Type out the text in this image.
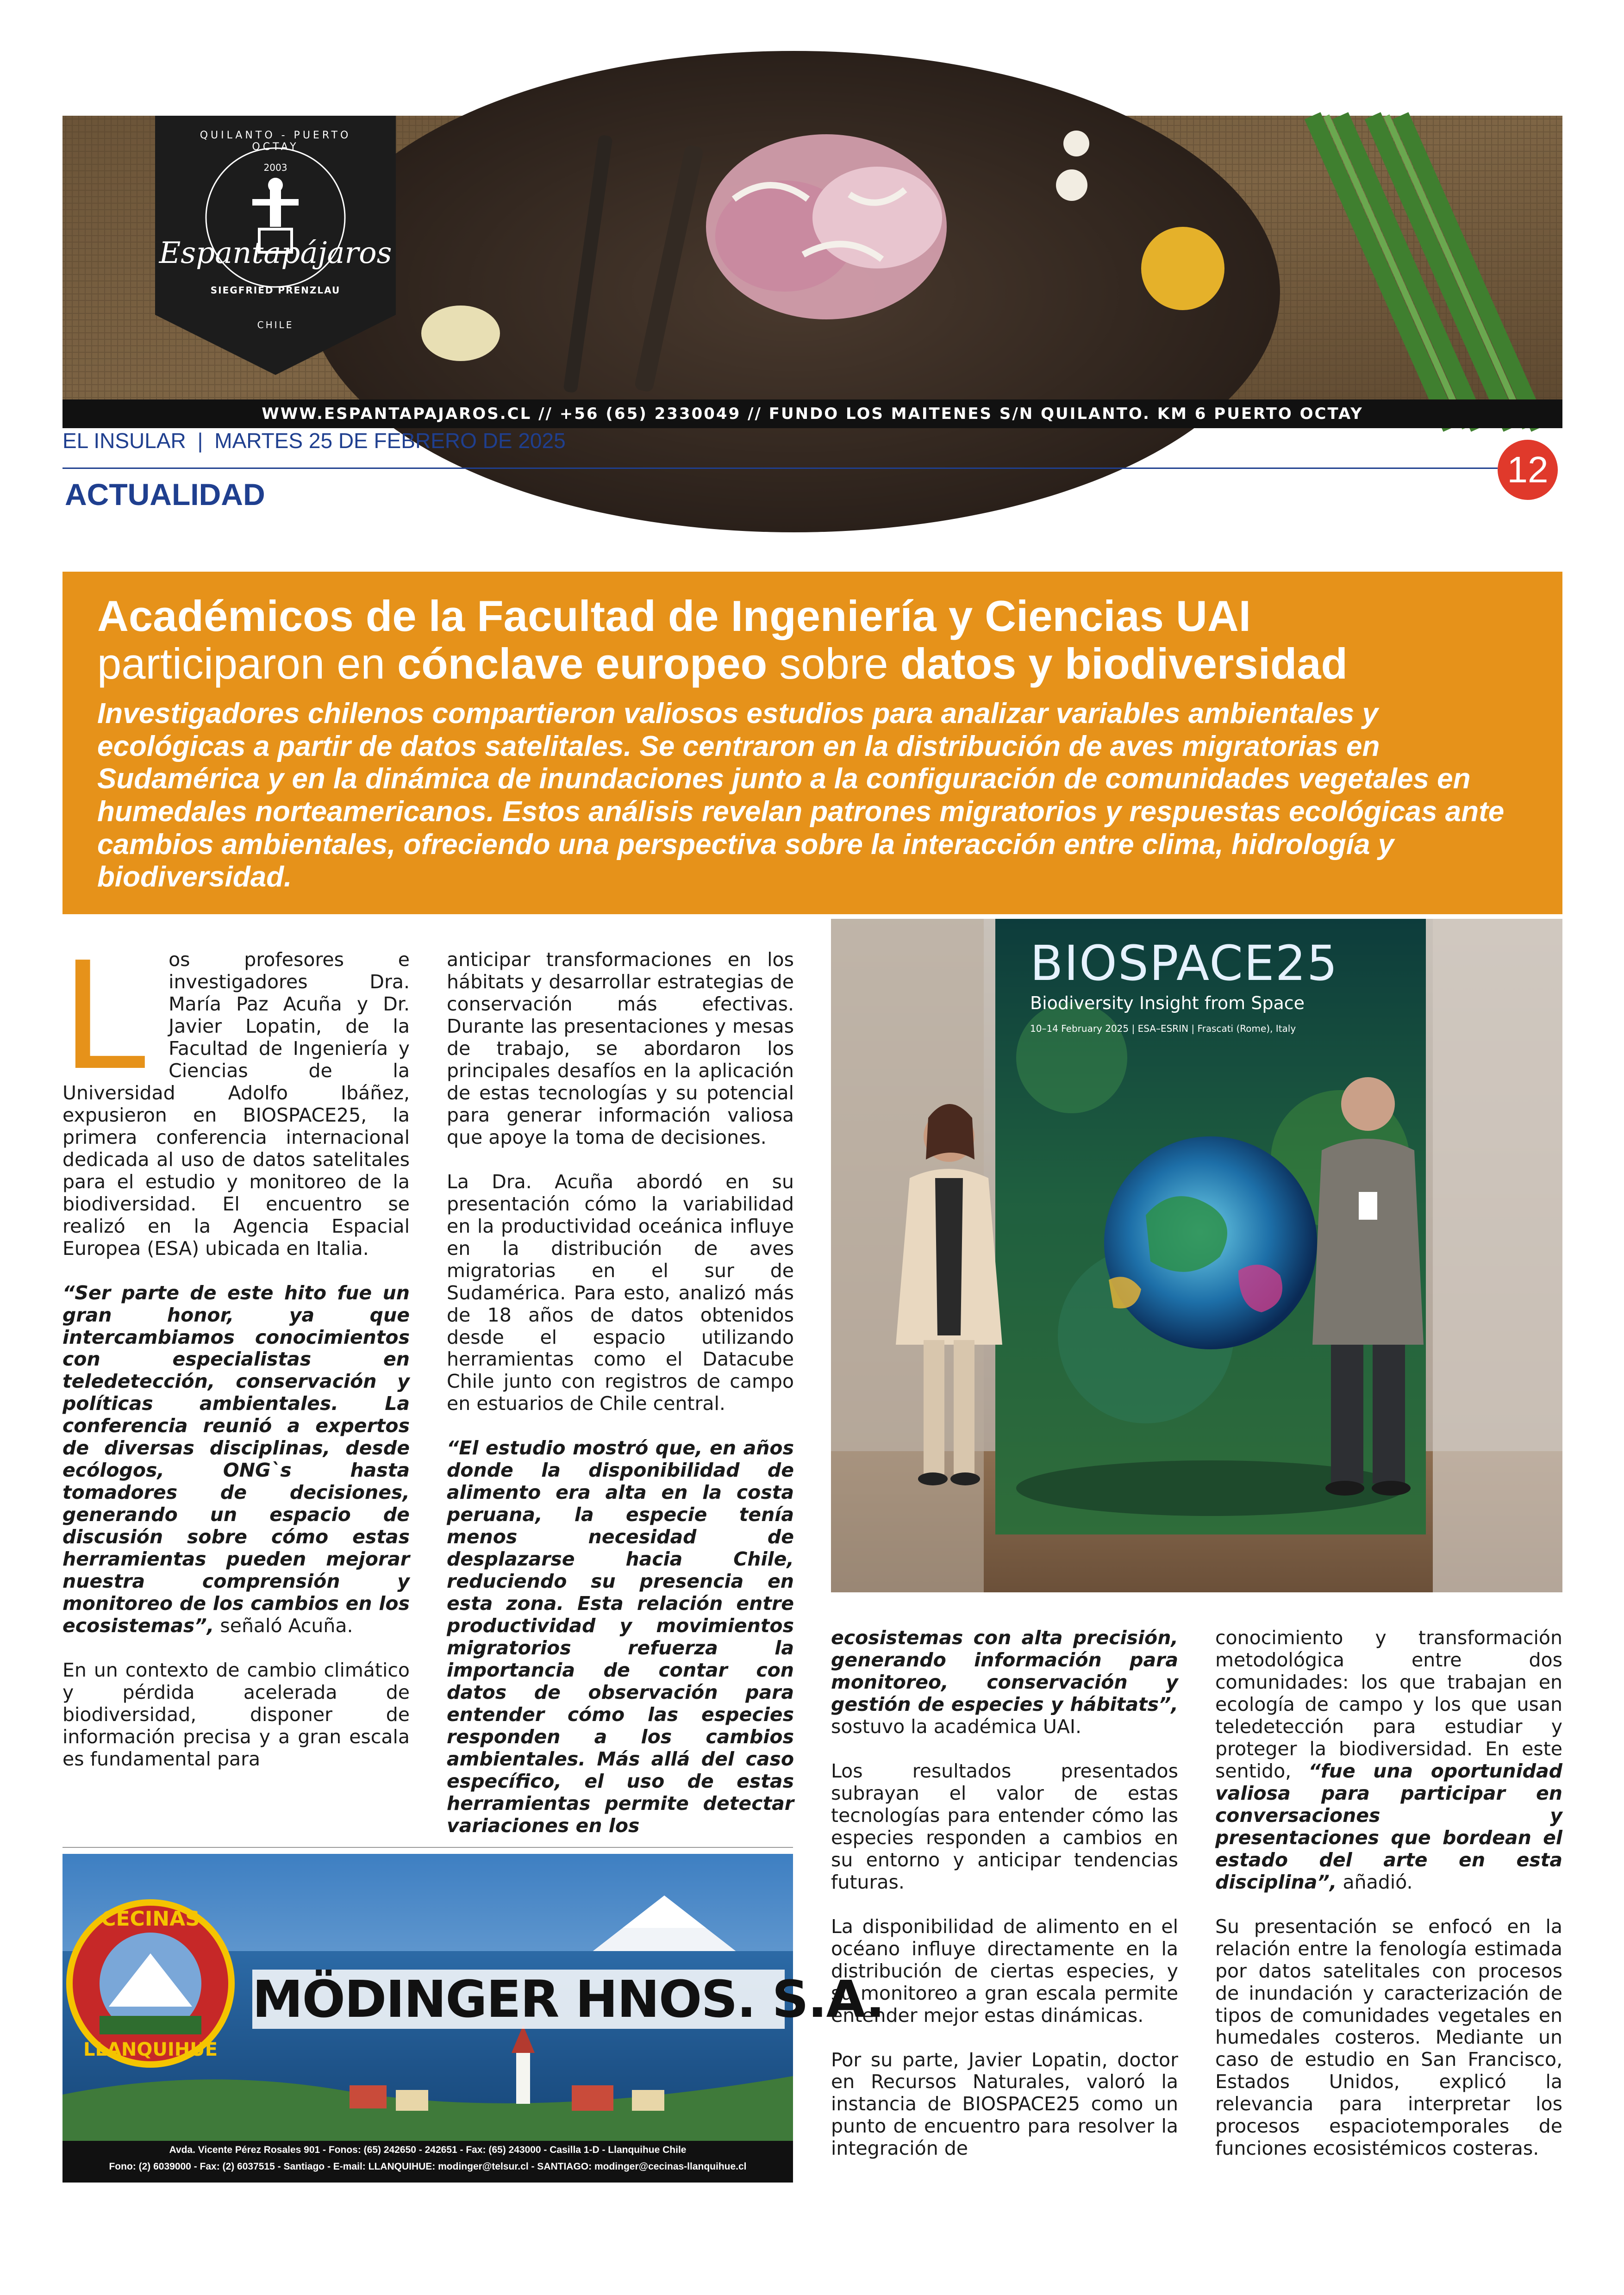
QUILANTO - PUERTO OCTAY
2003
Espantapájaros
SIEGFRIED PRENZLAU
CHILE
WWW.ESPANTAPAJAROS.CL // +56 (65) 2330049 // FUNDO LOS MAITENES S/N QUILANTO. KM 6 PUERTO OCTAY
EL INSULAR | MARTES 25 DE FEBRERO DE 2025
12
ACTUALIDAD
Académicos de la Facultad de Ingeniería y Ciencias UAI
participaron en cónclave europeo sobre datos y biodiversidad
Investigadores chilenos compartieron valiosos estudios para analizar variables ambientales y ecológicas a partir de datos satelitales. Se centraron en la distribución de aves migratorias en Sudamérica y en la dinámica de inundaciones junto a la configuración de comunidades vegetales en humedales norteamericanos. Estos análisis revelan patrones migratorios y respuestas ecológicas ante cambios ambientales, ofreciendo una perspectiva sobre la interacción entre clima, hidrología y biodiversidad.
L os profesores e investigadores Dra. María Paz Acuña y Dr. Javier Lopatin, de la Facultad de Ingeniería y Ciencias de la Universidad Adolfo Ibáñez, expusieron en BIOSPACE25, la primera conferencia internacional dedicada al uso de datos satelitales para el estudio y monitoreo de la biodiversidad. El encuentro se realizó en la Agencia Espacial Europea (ESA) ubicada en Italia.

“Ser parte de este hito fue un gran honor, ya que intercambiamos conocimientos con especialistas en teledetección, conservación y políticas ambientales. La conferencia reunió a expertos de diversas disciplinas, desde ecólogos, ONG`s hasta tomadores de decisiones, generando un espacio de discusión sobre cómo estas herramientas pueden mejorar nuestra comprensión y monitoreo de los cambios en los ecosistemas”, señaló Acuña.

En un contexto de cambio climático y pérdida acelerada de biodiversidad, disponer de información precisa y a gran escala es fundamental para

anticipar transformaciones en los hábitats y desarrollar estrategias de conservación más efectivas. Durante las presentaciones y mesas de trabajo, se abordaron los principales desafíos en la aplicación de estas tecnologías y su potencial para generar información valiosa que apoye la toma de decisiones.

La Dra. Acuña abordó en su presentación cómo la variabilidad en la productividad oceánica influye en la distribución de aves migratorias en el sur de Sudamérica. Para esto, analizó más de 18 años de datos obtenidos desde el espacio utilizando herramientas como el Datacube Chile junto con registros de campo en estuarios de Chile central.

“El estudio mostró que, en años donde la disponibilidad de alimento era alta en la costa peruana, la especie tenía menos necesidad de desplazarse hacia Chile, reduciendo su presencia en esta zona. Esta relación entre productividad y movimientos migratorios refuerza la importancia de contar con datos de observación para entender cómo las especies responden a los cambios ambientales. Más allá del caso específico, el uso de estas herramientas permite detectar variaciones en los

BIOSPACE25
Biodiversity Insight from Space
10–14 February 2025 | ESA–ESRIN | Frascati (Rome), Italy

ecosistemas con alta precisión, generando información para monitoreo, conservación y gestión de especies y hábitats”, sostuvo la académica UAI.

Los resultados presentados subrayan el valor de estas tecnologías para entender cómo las especies responden a cambios en su entorno y anticipar tendencias futuras.

La disponibilidad de alimento en el océano influye directamente en la distribución de ciertas especies, y su monitoreo a gran escala permite entender mejor estas dinámicas.

Por su parte, Javier Lopatin, doctor en Recursos Naturales, valoró la instancia de BIOSPACE25 como un punto de encuentro para resolver la integración de

conocimiento y transformación metodológica entre dos comunidades: los que trabajan en ecología de campo y los que usan teledetección para estudiar y proteger la biodiversidad. En este sentido, “fue una oportunidad valiosa para participar en conversaciones y presentaciones que bordean el estado del arte en esta disciplina”, añadió.

Su presentación se enfocó en la relación entre la fenología estimada por datos satelitales con procesos de inundación y caracterización de tipos de comunidades vegetales en humedales costeros. Mediante un caso de estudio en San Francisco, Estados Unidos, explicó la relevancia para interpretar los procesos espaciotemporales de funciones ecosistémicos costeras.

CECINAS
LLANQUIHUE
MÖDINGER HNOS. S.A.
Avda. Vicente Pérez Rosales 901 - Fonos: (65) 242650 - 242651 - Fax: (65) 243000 - Casilla 1-D - Llanquihue Chile
Fono: (2) 6039000 - Fax: (2) 6037515 - Santiago - E-mail: LLANQUIHUE: modinger@telsur.cl - SANTIAGO: modinger@cecinas-llanquihue.cl
